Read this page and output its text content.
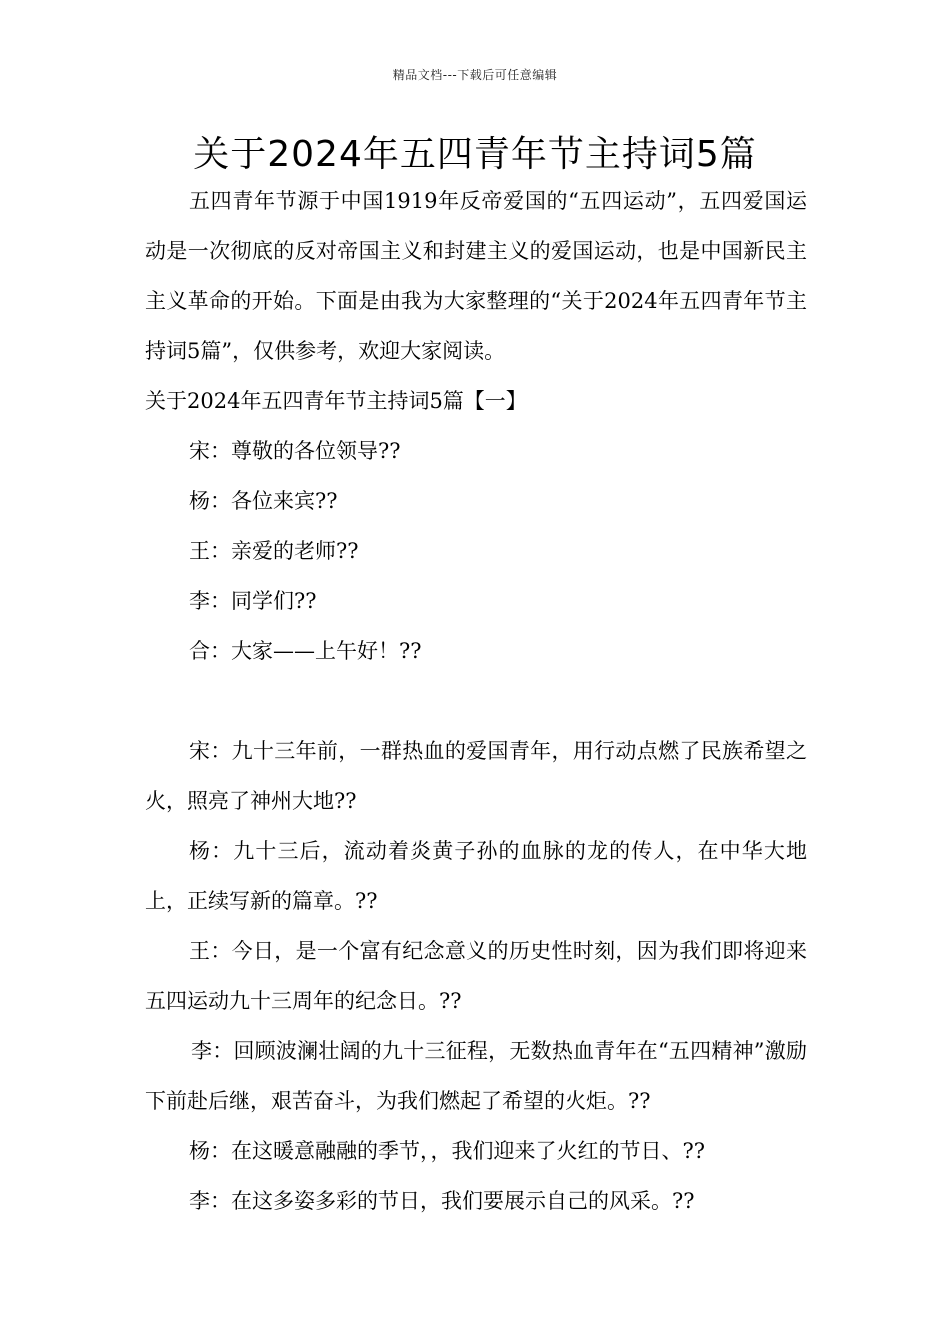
精品文档---下载后可任意编辑
关于2024年五四青年节主持词5篇

五四青年节源于中国1919年反帝爱国的“五四运动”，五四爱国运动是一次彻底的反对帝国主义和封建主义的爱国运动，也是中国新民主主义革命的开始。下面是由我为大家整理的“关于2024年五四青年节主持词5篇”，仅供参考，欢迎大家阅读。

关于2024年五四青年节主持词5篇【一】

宋：尊敬的各位领导??

杨：各位来宾??

王：亲爱的老师??

李：同学们??

合：大家——上午好！??

宋：九十三年前，一群热血的爱国青年，用行动点燃了民族希望之火，照亮了神州大地??

杨：九十三后，流动着炎黄子孙的血脉的龙的传人，在中华大地上，正续写新的篇章。??

王：今日，是一个富有纪念意义的历史性时刻，因为我们即将迎来五四运动九十三周年的纪念日。??

李：回顾波澜壮阔的九十三征程，无数热血青年在“五四精神”激励下前赴后继，艰苦奋斗，为我们燃起了希望的火炬。??

杨：在这暖意融融的季节，，我们迎来了火红的节日、??

李：在这多姿多彩的节日，我们要展示自己的风采。??
